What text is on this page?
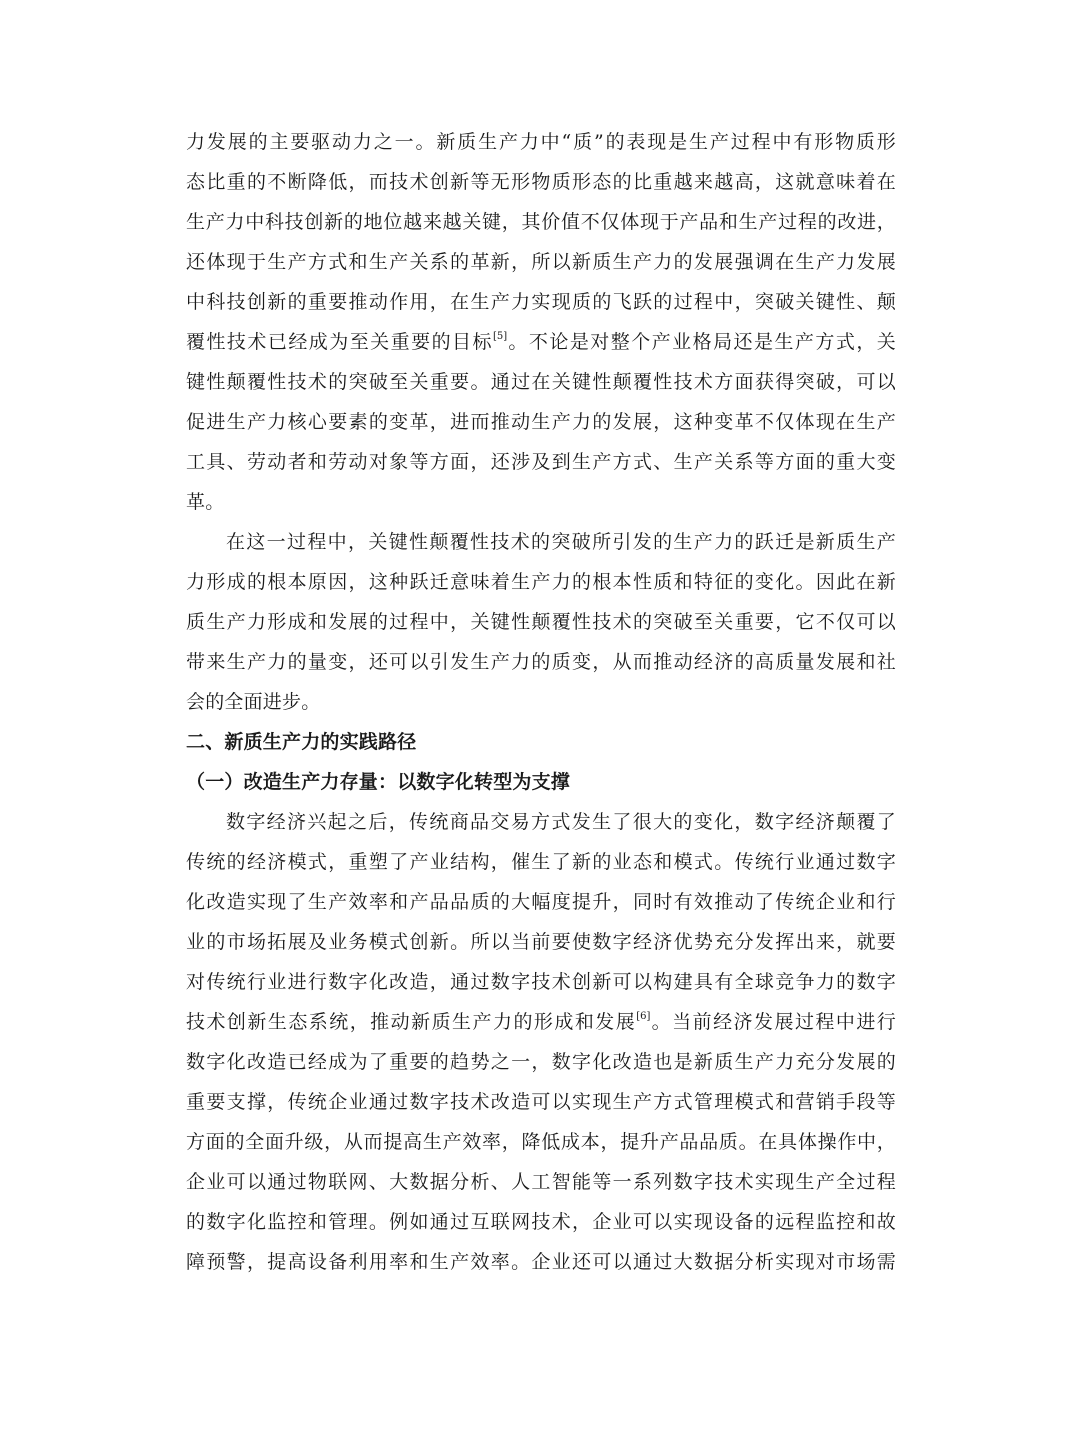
力发展的主要驱动力之一。新质生产力中“质”的表现是生产过程中有形物质形
态比重的不断降低，而技术创新等无形物质形态的比重越来越高，这就意味着在
生产力中科技创新的地位越来越关键，其价值不仅体现于产品和生产过程的改进，
还体现于生产方式和生产关系的革新，所以新质生产力的发展强调在生产力发展
中科技创新的重要推动作用，在生产力实现质的飞跃的过程中，突破关键性、颠
覆性技术已经成为至关重要的目标[5]。不论是对整个产业格局还是生产方式，关
键性颠覆性技术的突破至关重要。通过在关键性颠覆性技术方面获得突破，可以
促进生产力核心要素的变革，进而推动生产力的发展，这种变革不仅体现在生产
工具、劳动者和劳动对象等方面，还涉及到生产方式、生产关系等方面的重大变
革。
在这一过程中，关键性颠覆性技术的突破所引发的生产力的跃迁是新质生产
力形成的根本原因，这种跃迁意味着生产力的根本性质和特征的变化。因此在新
质生产力形成和发展的过程中，关键性颠覆性技术的突破至关重要，它不仅可以
带来生产力的量变，还可以引发生产力的质变，从而推动经济的高质量发展和社
会的全面进步。
二、新质生产力的实践路径
（一）改造生产力存量：以数字化转型为支撑
数字经济兴起之后，传统商品交易方式发生了很大的变化，数字经济颠覆了
传统的经济模式，重塑了产业结构，催生了新的业态和模式。传统行业通过数字
化改造实现了生产效率和产品品质的大幅度提升，同时有效推动了传统企业和行
业的市场拓展及业务模式创新。所以当前要使数字经济优势充分发挥出来，就要
对传统行业进行数字化改造，通过数字技术创新可以构建具有全球竞争力的数字
技术创新生态系统，推动新质生产力的形成和发展[6]。当前经济发展过程中进行
数字化改造已经成为了重要的趋势之一，数字化改造也是新质生产力充分发展的
重要支撑，传统企业通过数字技术改造可以实现生产方式管理模式和营销手段等
方面的全面升级，从而提高生产效率，降低成本，提升产品品质。在具体操作中，
企业可以通过物联网、大数据分析、人工智能等一系列数字技术实现生产全过程
的数字化监控和管理。例如通过互联网技术，企业可以实现设备的远程监控和故
障预警，提高设备利用率和生产效率。企业还可以通过大数据分析实现对市场需
